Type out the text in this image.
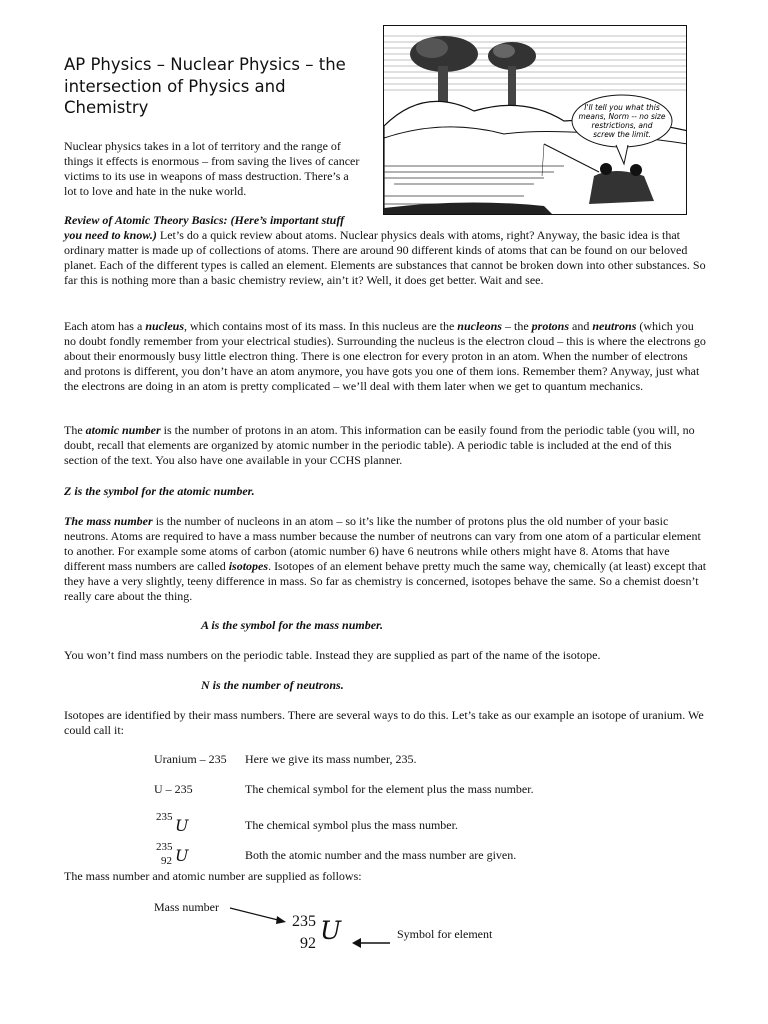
AP Physics – Nuclear Physics – the intersection of Physics and Chemistry	I'll tell you what this
means, Norm -- no size
restrictions, and
screw the limit.

Nuclear physics takes in a lot of territory and the range of things it effects is enormous – from saving the lives of cancer victims to its use in weapons of mass destruction. There’s a lot to love and hate in the nuke world.

Review of Atomic Theory Basics: (Here’s important stuff
you need to know.) Let’s do a quick review about atoms. Nuclear physics deals with atoms, right? Anyway, the basic idea is that ordinary matter is made up of collections of atoms. There are around 90 different kinds of atoms that can be found on our beloved planet. Each of the different types is called an element. Elements are substances that cannot be broken down into other substances. So far this is nothing more than a basic chemistry review, ain’t it? Well, it does get better. Wait and see.

Each atom has a nucleus, which contains most of its mass. In this nucleus are the nucleons – the protons and neutrons (which you no doubt fondly remember from your electrical studies). Surrounding the nucleus is the electron cloud – this is where the electrons go about their enormously busy little electron thing. There is one electron for every proton in an atom. When the number of electrons and protons is different, you don’t have an atom anymore, you have gots you one of them ions. Remember them? Anyway, just what the electrons are doing in an atom is pretty complicated – we’ll deal with them later when we get to quantum mechanics.

The atomic number is the number of protons in an atom. This information can be easily found from the periodic table (you will, no doubt, recall that elements are organized by atomic number in the periodic table). A periodic table is included at the end of this section of the text. You also have one available in your CCHS planner.

Z is the symbol for the atomic number.

The mass number is the number of nucleons in an atom – so it’s like the number of protons plus the old number of your basic neutrons. Atoms are required to have a mass number because the number of neutrons can vary from one atom of a particular element to another. For example some atoms of carbon (atomic number 6) have 6 neutrons while others might have 8. Atoms that have different mass numbers are called isotopes. Isotopes of an element behave pretty much the same way, chemically (at least) except that they have a very slightly, teeny difference in mass. So far as chemistry is concerned, isotopes behave the same. So a chemist doesn’t really care about the thing.

A is the symbol for the mass number.

You won’t find mass numbers on the periodic table. Instead they are supplied as part of the name of the isotope.

N is the number of neutrons.

Isotopes are identified by their mass numbers. There are several ways to do this. Let’s take as our example an isotope of uranium. We could call it:

Uranium – 235 Here we give its mass number, 235.
U – 235	The chemical symbol for the element plus the mass number.
235 U	The chemical symbol plus the mass number.
235
92 U	Both the atomic number and the mass number are given.

The mass number and atomic number are supplied as follows:

Mass number
235
92 U	Symbol for element
